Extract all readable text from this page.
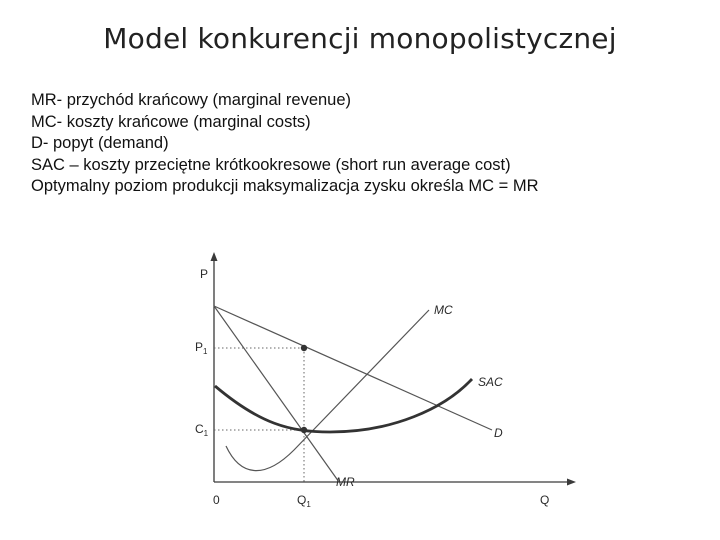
Model konkurencji monopolistycznej
MR- przychód krańcowy (marginal revenue)
MC- koszty krańcowe (marginal costs)
D- popyt (demand)
SAC – koszty przeciętne krótkookresowe (short run average cost)
Optymalny poziom produkcji maksymalizacja zysku określa MC = MR
P
Q
0
$P_1$
$C_1$
$Q_1$
MC
SAC
D
MR
